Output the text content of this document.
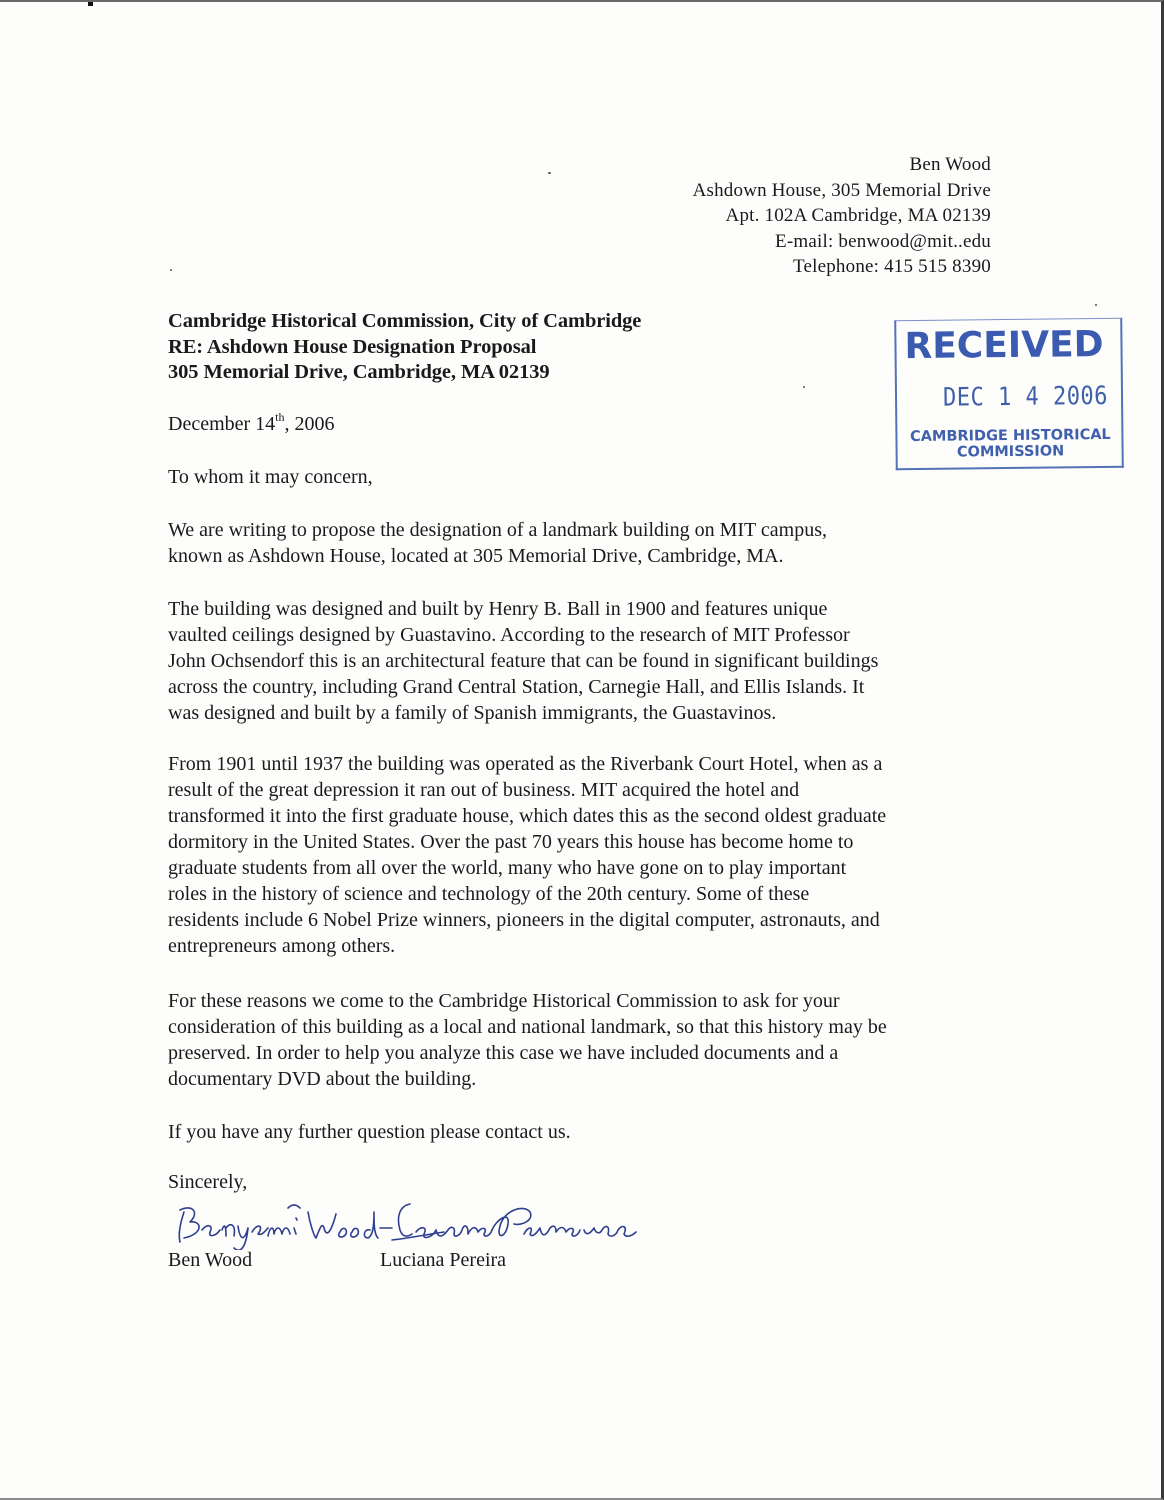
Ben Wood
Ashdown House, 305 Memorial Drive
Apt. 102A Cambridge, MA 02139
E-mail: benwood@mit..edu
Telephone: 415 515 8390
Cambridge Historical Commission, City of Cambridge
RE: Ashdown House Designation Proposal
305 Memorial Drive, Cambridge, MA 02139
RECEIVED
DEC 1 4 2006
CAMBRIDGE HISTORICAL
COMMISSION
December 14th, 2006
To whom it may concern,
We are writing to propose the designation of a landmark building on MIT campus,
known as Ashdown House, located at 305 Memorial Drive, Cambridge, MA.
The building was designed and built by Henry B. Ball in 1900 and features unique
vaulted ceilings designed by Guastavino. According to the research of MIT Professor
John Ochsendorf this is an architectural feature that can be found in significant buildings
across the country, including Grand Central Station, Carnegie Hall, and Ellis Islands. It
was designed and built by a family of Spanish immigrants, the Guastavinos.
From 1901 until 1937 the building was operated as the Riverbank Court Hotel, when as a
result of the great depression it ran out of business. MIT acquired the hotel and
transformed it into the first graduate house, which dates this as the second oldest graduate
dormitory in the United States. Over the past 70 years this house has become home to
graduate students from all over the world, many who have gone on to play important
roles in the history of science and technology of the 20th century. Some of these
residents include 6 Nobel Prize winners, pioneers in the digital computer, astronauts, and
entrepreneurs among others.
For these reasons we come to the Cambridge Historical Commission to ask for your
consideration of this building as a local and national landmark, so that this history may be
preserved. In order to help you analyze this case we have included documents and a
documentary DVD about the building.
If you have any further question please contact us.
Sincerely,
Ben Wood	Luciana Pereira
